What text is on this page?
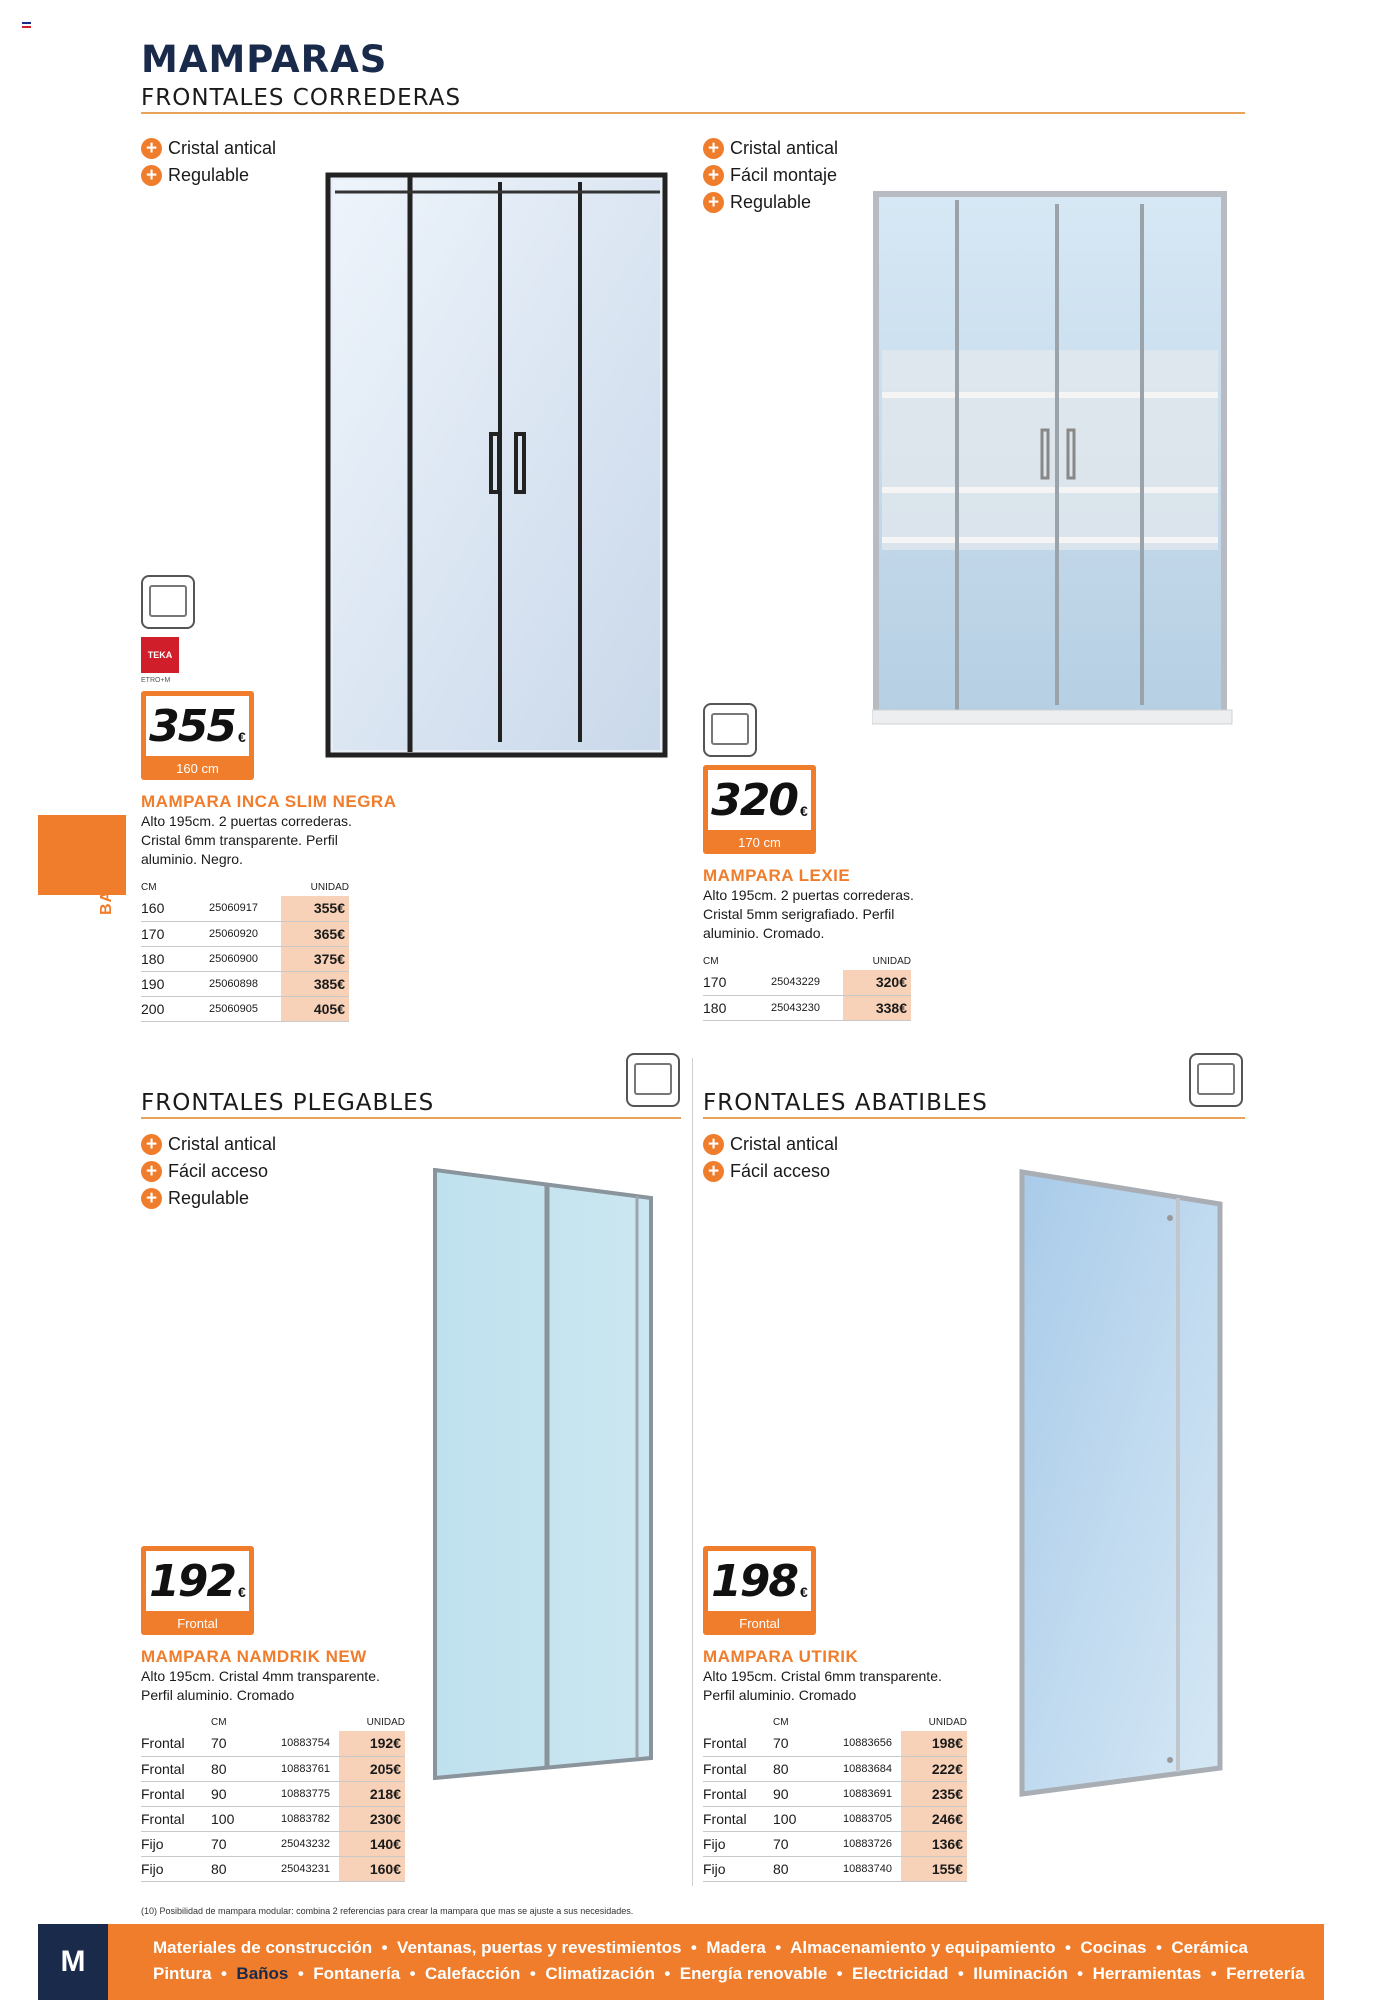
MAMPARAS
FRONTALES CORREDERAS
+ Cristal antical
+ Regulable
TEKA
ETRO+M
355 €
160 cm
MAMPARA INCA SLIM NEGRA
Alto 195cm. 2 puertas correderas. Cristal 6mm transparente. Perfil aluminio. Negro.
CM		UNIDAD
160	25060917	355€
170	25060920	365€
180	25060900	375€
190	25060898	385€
200	25060905	405€
+ Cristal antical
+ Fácil montaje
+ Regulable
320 €
170 cm
MAMPARA LEXIE
Alto 195cm. 2 puertas correderas. Cristal 5mm serigrafiado. Perfil aluminio. Cromado.
CM		UNIDAD
170	25043229	320€
180	25043230	338€
BAÑOS
FRONTALES PLEGABLES
+ Cristal antical
+ Fácil acceso
+ Regulable
192 €
Frontal
MAMPARA NAMDRIK NEW
Alto 195cm. Cristal 4mm transparente. Perfil aluminio. Cromado
	CM		UNIDAD
Frontal	70	10883754	192€
Frontal	80	10883761	205€
Frontal	90	10883775	218€
Frontal	100	10883782	230€
Fijo	70	25043232	140€
Fijo	80	25043231	160€
FRONTALES ABATIBLES
+ Cristal antical
+ Fácil acceso
198 €
Frontal
MAMPARA UTIRIK
Alto 195cm. Cristal 6mm transparente. Perfil aluminio. Cromado
	CM		UNIDAD
Frontal	70	10883656	198€
Frontal	80	10883684	222€
Frontal	90	10883691	235€
Frontal	100	10883705	246€
Fijo	70	10883726	136€
Fijo	80	10883740	155€
(10) Posibilidad de mampara modular: combina 2 referencias para crear la mampara que mas se ajuste a sus necesidades.
M	Materiales de construcción  •  Ventanas, puertas y revestimientos  •  Madera  •  Almacenamiento y equipamiento  •  Cocinas  •  Cerámica
Pintura  •  Baños  •  Fontanería  •  Calefacción  •  Climatización  •  Energía renovable  •  Electricidad  •  Iluminación  •  Herramientas  •  Ferretería
